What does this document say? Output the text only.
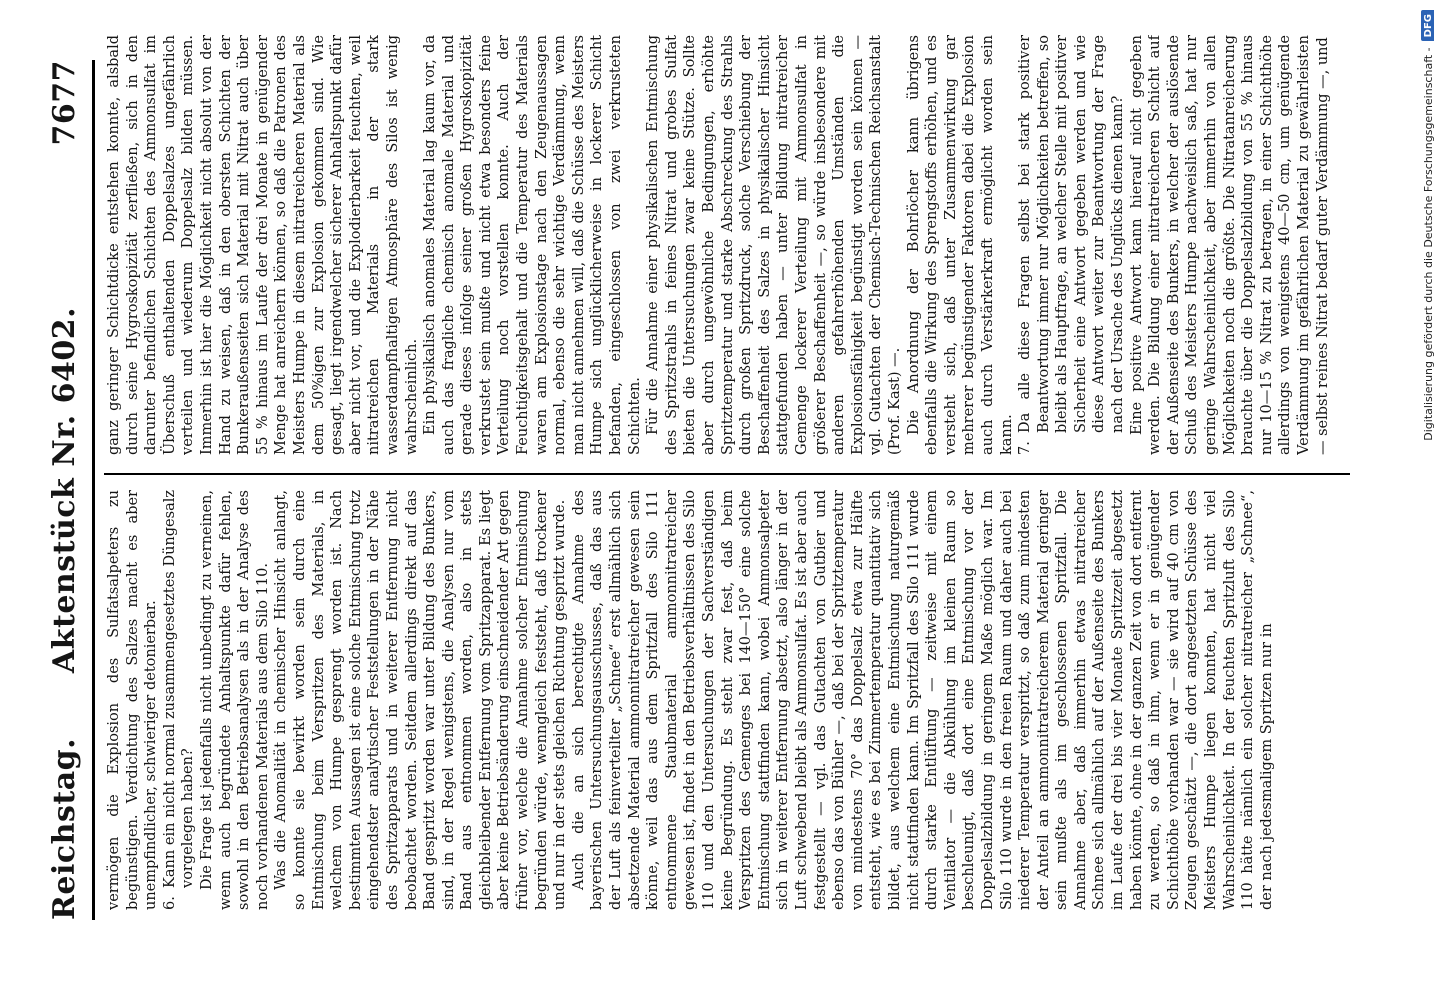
Reichstag.
Aktenstück Nr. 6402.
7677

vermögen die Explosion des Sulfatsalpeters zu begünstigen. Verdichtung des Salzes macht es aber unempfindlicher, schwieriger detonierbar. 6.
Kann ein nicht normal zusammengesetztes Düngesalz vorgelegen haben? Die Frage ist jedenfalls nicht unbedingt zu verneinen, wenn auch begründete Anhaltspunkte dafür fehlen, sowohl in den Betriebsanalysen als in der Analyse des noch vorhandenen Materials aus dem Silo 110. Was die Anomalität in chemischer Hinsicht anlangt, so konnte sie bewirkt worden sein durch eine Entmischung beim Verspritzen des Materials, in welchem von Humpe gesprengt worden ist. Nach bestimmten Aussagen ist eine solche Entmischung trotz eingehendster analytischer Feststellungen in der Nähe des Spritzapparats und in weiterer Entfernung nicht beobachtet worden. Seitdem allerdings direkt auf das Band gespritzt worden war unter Bildung des Bunkers, sind, in der Regel wenigstens, die Analysen nur vom Band aus entnommen worden, also in stets gleichbleibender Entfernung vom Spritzapparat. Es liegt aber keine Betriebsänderung einschneidender Art gegen früher vor, welche die Annahme solcher Entmischung begründen würde, wenngleich feststeht, daß trockener und nur in der stets gleichen Richtung gespritzt wurde. Auch die an sich berechtigte Annahme des bayerischen Untersuchungsausschusses, daß das aus der Luft als feinverteilter „Schnee“ erst allmählich sich absetzende Material ammonnitratreicher gewesen sein könne, weil das aus dem Spritzfall des Silo 111 entnommene Staubmaterial ammonnitratreicher gewesen ist, findet in den Betriebsverhältnissen des Silo 110 und den Untersuchungen der Sachverständigen keine Begründung. Es steht zwar fest, daß beim Verspritzen des Gemenges bei 140—150° eine solche Entmischung stattfinden kann, wobei Ammonsalpeter sich in weiterer Entfernung absetzt, also länger in der Luft schwebend bleibt als Ammonsulfat. Es ist aber auch festgestellt — vgl. das Gutachten von Gutbier und ebenso das von Bühler —, daß bei der Spritztemperatur von mindestens 70° das Doppelsalz etwa zur Hälfte entsteht, wie es bei Zimmertemperatur quantitativ sich bildet, aus welchem eine Entmischung naturgemäß nicht stattfinden kann. Im Spritzfall des Silo 111 wurde durch starke Entlüftung — zeitweise mit einem Ventilator — die Abkühlung im kleinen Raum so beschleunigt, daß dort eine Entmischung vor der Doppelsalzbildung in geringem Maße möglich war. Im Silo 110 wurde in den freien Raum und daher auch bei niederer Temperatur verspritzt, so daß zum mindesten der Anteil an ammonnitratreicherem Material geringer sein mußte als im geschlossenen Spritzfall. Die Annahme aber, daß immerhin etwas nitratreicher Schnee sich allmählich auf der Außenseite des Bunkers im Laufe der drei bis vier Monate Spritzzeit abgesetzt haben könnte, ohne in der ganzen Zeit von dort entfernt zu werden, so daß in ihm, wenn er in genügender Schichthöhe vorhanden war — sie wird auf 40 cm von Zeugen geschätzt —, die dort angesetzten Schüsse des Meisters Humpe liegen konnten, hat nicht viel Wahrscheinlichkeit. In der feuchten Spritzluft des Silo 110 hätte nämlich ein solcher nitratreicher „Schnee“, der nach jedesmaligem Spritzen nur in

ganz geringer Schichtdicke entstehen konnte, alsbald durch seine Hygroskopizität zerfließen, sich in den darunter befindlichen Schichten des Ammonsulfat im Überschuß enthaltenden Doppelsalzes ungefährlich verteilen und wiederum Doppelsalz bilden müssen. Immerhin ist hier die Möglichkeit nicht absolut von der Hand zu weisen, daß in den obersten Schichten der Bunkeraußenseiten sich Material mit Nitrat auch über 55 % hinaus im Laufe der drei Monate in genügender Menge hat anreichern können, so daß die Patronen des Meisters Humpe in diesem nitratreicheren Material als dem 50%igen zur Explosion gekommen sind. Wie gesagt, liegt irgendwelcher sicherer Anhaltspunkt dafür aber nicht vor, und die Explodierbarkeit feuchten, weil nitratreichen Materials in der stark wasserdampfhaltigen Atmosphäre des Silos ist wenig wahrscheinlich. Ein physikalisch anomales Material lag kaum vor, da auch das fragliche chemisch anomale Material und gerade dieses infolge seiner großen Hygroskopizität verkrustet sein mußte und nicht etwa besonders feine Verteilung noch vorstellen konnte. Auch der Feuchtigkeitsgehalt und die Temperatur des Materials waren am Explosionstage nach den Zeugenaussagen normal, ebenso die sehr wichtige Verdämmung, wenn man nicht annehmen will, daß die Schüsse des Meisters Humpe sich unglücklicherweise in lockerer Schicht befanden, eingeschlossen von zwei verkrusteten Schichten. Für die Annahme einer physikalischen Entmischung des Spritzstrahls in feines Nitrat und grobes Sulfat bieten die Untersuchungen zwar keine Stütze. Sollte aber durch ungewöhnliche Bedingungen, erhöhte Spritztemperatur und starke Abschreckung des Strahls durch großen Spritzdruck, solche Verschiebung der Beschaffenheit des Salzes in physikalischer Hinsicht stattgefunden haben — unter Bildung nitratreicher Gemenge lockerer Verteilung mit Ammonsulfat in größerer Beschaffenheit —, so würde insbesondere mit anderen gefahrerhöhenden Umständen die Explosionsfähigkeit begünstigt worden sein können — vgl. Gutachten der Chemisch-Technischen Reichsanstalt (Prof. Kast) —. Die Anordnung der Bohrlöcher kann übrigens ebenfalls die Wirkung des Sprengstoffs erhöhen, und es versteht sich, daß unter Zusammenwirkung gar mehrerer begünstigender Faktoren dabei die Explosion auch durch Verstärkerkraft ermöglicht worden sein kann. 7.
Da alle diese Fragen selbst bei stark positiver Beantwortung immer nur Möglichkeiten betreffen, so bleibt als Hauptfrage, an welcher Stelle mit positiver Sicherheit eine Antwort gegeben werden und wie diese Antwort weiter zur Beantwortung der Frage nach der Ursache des Unglücks dienen kann? Eine positive Antwort kann hierauf nicht gegeben werden. Die Bildung einer nitratreicheren Schicht auf der Außenseite des Bunkers, in welcher der auslösende Schuß des Meisters Humpe nachweislich saß, hat nur geringe Wahrscheinlichkeit, aber immerhin von allen Möglichkeiten noch die größte. Die Nitratanreicherung brauchte über die Doppelsalzbildung von 55 % hinaus nur 10—15 % Nitrat zu betragen, in einer Schichthöhe allerdings von wenigstens 40—50 cm, um genügende Verdämmung im gefährlichen Material zu gewährleisten — selbst reines Nitrat bedarf guter Verdämmung —, und	Digitalisierung gefördert durch die Deutsche Forschungsgemeinschaft -
DFG
